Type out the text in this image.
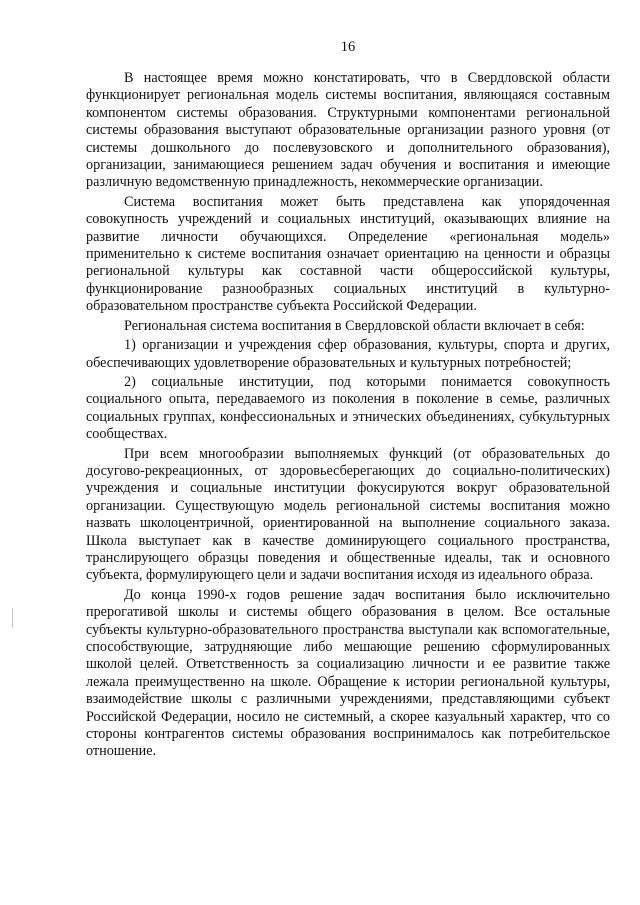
16

В настоящее время можно констатировать, что в Свердловской области функционирует региональная модель системы воспитания, являющаяся составным компонентом системы образования. Структурными компонентами региональной системы образования выступают образовательные организации разного уровня (от системы дошкольного до послевузовского и дополнительного образования), организации, занимающиеся решением задач обучения и воспитания и имеющие различную ведомственную принадлежность, некоммерческие организации.

Система воспитания может быть представлена как упорядоченная совокупность учреждений и социальных институций, оказывающих влияние на развитие личности обучающихся. Определение «региональная модель» применительно к системе воспитания означает ориентацию на ценности и образцы региональной культуры как составной части общероссийской культуры, функционирование разнообразных социальных институций в культурно-образовательном пространстве субъекта Российской Федерации.

Региональная система воспитания в Свердловской области включает в себя:

1) организации и учреждения сфер образования, культуры, спорта и других, обеспечивающих удовлетворение образовательных и культурных потребностей;

2) социальные институции, под которыми понимается совокупность социального опыта, передаваемого из поколения в поколение в семье, различных социальных группах, конфессиональных и этнических объединениях, субкультурных сообществах.

При всем многообразии выполняемых функций (от образовательных до досугово-рекреационных, от здоровьесберегающих до социально-политических) учреждения и социальные институции фокусируются вокруг образовательной организации. Существующую модель региональной системы воспитания можно назвать школоцентричной, ориентированной на выполнение социального заказа. Школа выступает как в качестве доминирующего социального пространства, транслирующего образцы поведения и общественные идеалы, так и основного субъекта, формулирующего цели и задачи воспитания исходя из идеального образа.

До конца 1990-х годов решение задач воспитания было исключительно прерогативой школы и системы общего образования в целом. Все остальные субъекты культурно-образовательного пространства выступали как вспомогательные, способствующие, затрудняющие либо мешающие решению сформулированных школой целей. Ответственность за социализацию личности и ее развитие также лежала преимущественно на школе. Обращение к истории региональной культуры, взаимодействие школы с различными учреждениями, представляющими субъект Российской Федерации, носило не системный, а скорее казуальный характер, что со стороны контрагентов системы образования воспринималось как потребительское отношение.
